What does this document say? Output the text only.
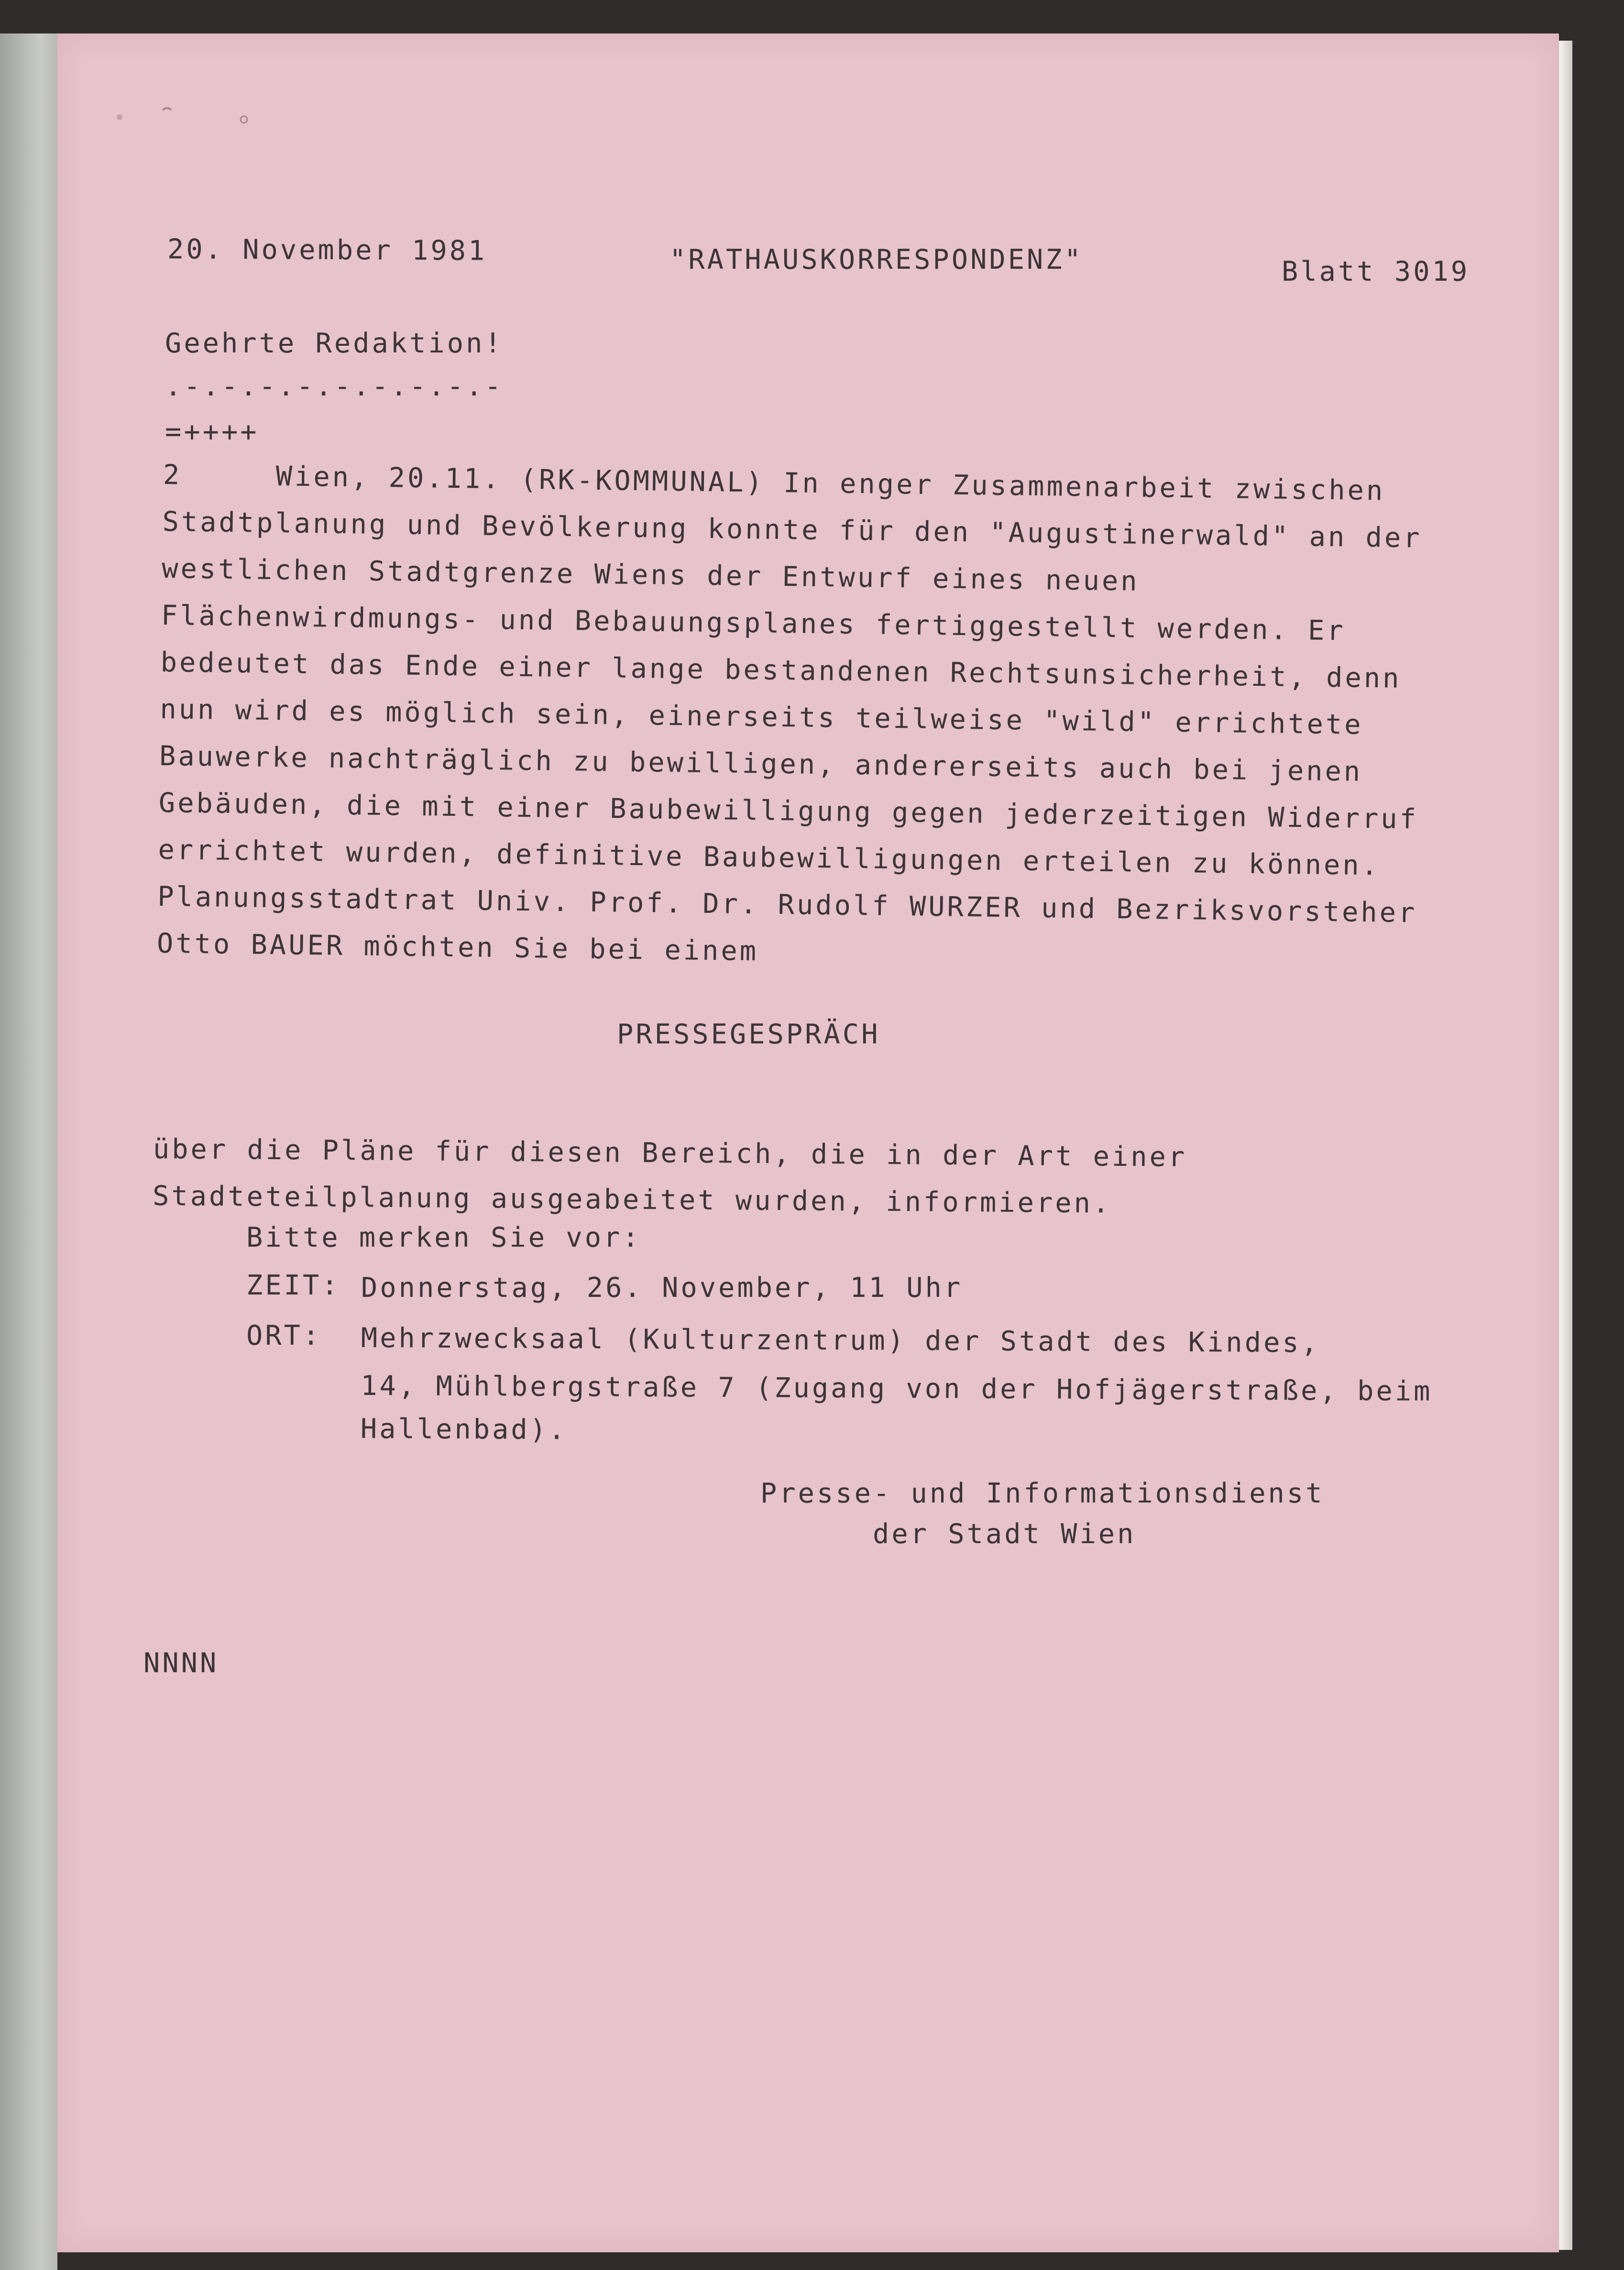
20. November 1981	"RATHAUSKORRESPONDENZ"	Blatt 3019

Geehrte Redaktion!

.-.-.-.-.-.-.-.-.-

=++++

2     Wien, 20.11. (RK-KOMMUNAL) In enger Zusammenarbeit zwischen

Stadtplanung und Bevölkerung konnte für den "Augustinerwald" an der

westlichen Stadtgrenze Wiens der Entwurf eines neuen

Flächenwirdmungs- und Bebauungsplanes fertiggestellt werden. Er

bedeutet das Ende einer lange bestandenen Rechtsunsicherheit, denn

nun wird es möglich sein, einerseits teilweise "wild" errichtete

Bauwerke nachträglich zu bewilligen, andererseits auch bei jenen

Gebäuden, die mit einer Baubewilligung gegen jederzeitigen Widerruf

errichtet wurden, definitive Baubewilligungen erteilen zu können.

Planungsstadtrat Univ. Prof. Dr. Rudolf WURZER und Bezriksvorsteher

Otto BAUER möchten Sie bei einem

PRESSEGESPRÄCH

über die Pläne für diesen Bereich, die in der Art einer

Stadteteilplanung ausgeabeitet wurden, informieren.

Bitte merken Sie vor:

ZEIT: Donnerstag, 26. November, 11 Uhr

ORT: Mehrzwecksaal (Kulturzentrum) der Stadt des Kindes,

14, Mühlbergstraße 7 (Zugang von der Hofjägerstraße, beim

Hallenbad).

Presse- und Informationsdienst

der Stadt Wien

NNNN
